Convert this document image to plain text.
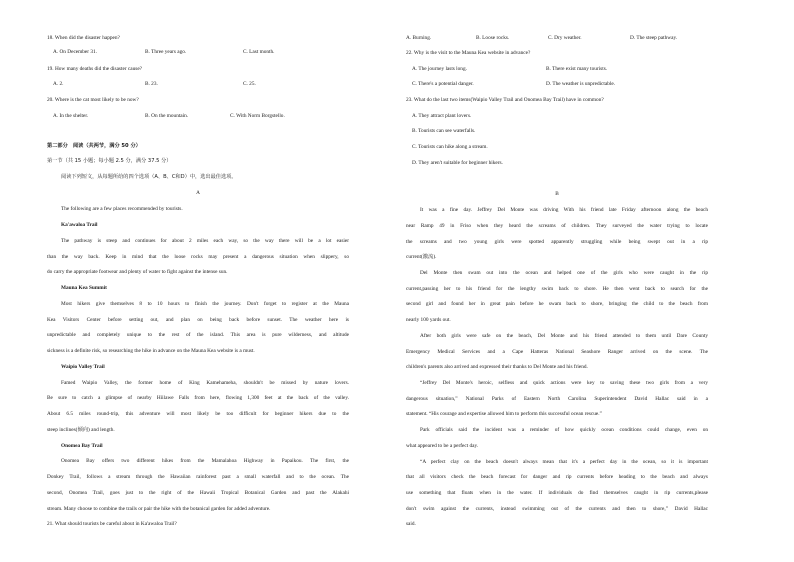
18. When did the disaster happen?
A. On December 31.	B. Three years ago.	C. Last month.
19. How many deaths did the disaster cause?
A. 2.	B. 23.	C. 25.
20. Where is the cat most likely to be now?
A. In the shelter.	B. On the mountain.	C. With Norm Borgstello.
第二部分　阅读（共两节，满分 50 分）
第一节（共 15 小题；每小题 2.5 分，满分 37.5 分）
阅读下列短文，从每题所给的四个选项（A、B、C和D）中，选出最佳选项。
A
The following are a few places recommended by tourists.
Ka'awaloa Trail
The pathway is steep and continues for about 2 miles each way, so the way there will be a lot easier
than the way back. Keep in mind that the loose rocks may present a dangerous situation when slippery, so
do carry the appropriate footwear and plenty of water to fight against the intense sun.
Mauna Kea Summit
Most hikers give themselves 8 to 10 hours to finish the journey. Don't forget to register at the Mauna
Kea Visitors Center before setting out, and plan on being back before sunset. The weather here is
unpredictable and completely unique to the rest of the island. This area is pure wilderness, and altitude
sickness is a definite risk, so researching the hike in advance on the Mauna Kea website is a must.
Waipio Valley Trail
Famed Waipio Valley, the former home of King Kamehameha, shouldn't be missed by nature lovers.
Be sure to catch a glimpse of nearby Hiilawe Falls from here, flowing 1,300 feet at the back of the valley.
About 6.5 miles round-trip, this adventure will most likely be too difficult for beginner hikers due to the
steep inclines(倾向) and length.
Onomea Bay Trail
Onomea Bay offers two different hikes from the Mamalahoa Highway in Papaikou. The first, the
Donkey Trail, follows a stream through the Hawaiian rainforest past a small waterfall and to the ocean. The
second, Onomea Trail, goes just to the right of the Hawaii Tropical Botanical Garden and past the Alakahi
stream. Many choose to combine the trails or pair the hike with the botanical garden for added adventure.
21. What should tourists be careful about in Ka'awaloa Trail?
A. Burning.	B. Loose rocks.	C. Dry weather.	D. The steep pathway.
22. Why is the visit to the Mauna Kea website in advance?
A. The journey lasts long.	B. There exist many tourists.
C. There's a potential danger.	D. The weather is unpredictable.
23. What do the last two items(Waipio Valley Trail and Onomea Bay Trail) have in common?
A. They attract plant lovers.
B. Tourists can see waterfalls.
C. Tourists can hike along a stream.
D. They aren't suitable for beginner hikers.
B
It was a fine day. Jeffrey Del Monte was driving With his friend late Friday afternoon along the beach
near Ramp 49 in Friso when they heard the screams of children. They surveyed the water trying to locate
the screams and two young girls were spotted apparently struggling while being swept out in a rip
current(激流).
Del Monte then swam out into the ocean and helped one of the girls who were caught in the rip
current,passing her to his friend for the lengthy swim back to shore. He then went back to search for the
second girl and found her in great pain before he swam back to shore, bringing the child to the beach from
nearly 100 yards out.
After both girls were safe on the beach, Del Monte and his friend attended to them until Dare County
Emergency Medical Services and a Cape Hatteras National Seashore Ranger arrived on the scene. The
children's parents also arrived and expressed their thanks to Del Monte and his friend.
“Jeffrey Del Monte's heroic, selfless and quick actions were key to saving these two girls from a very
dangerous situation,” National Parks of Eastern North Carolina Superintendent David Hallac said in a
statement. “His courage and expertise allowed him to perform this successful ocean rescue.”
Park officials said the incident was a reminder of how quickly ocean conditions could change, even on
what appeared to be a perfect day.
“A perfect clay on the beach doesn't always mean that it's a perfect day in the ocean, so it is important
that all visitors check the beach forecast for danger and rip currents before heading to the beach and always
use something that floats when in the water. If individuals do find themselves caught in rip currents,please
don't swim against the currents, instead swimming out of the currents and then to shore,” David Hallac
said.
